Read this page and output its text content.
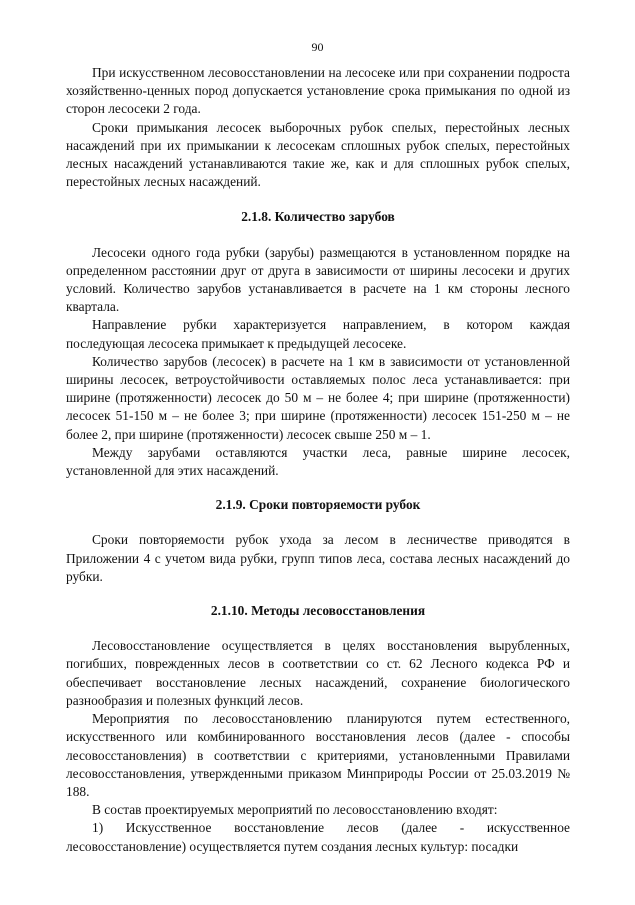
90

При искусственном лесовосстановлении на лесосеке или при сохранении подроста хозяйственно-ценных пород допускается установление срока примыкания по одной из сторон лесосеки 2 года.

Сроки примыкания лесосек выборочных рубок спелых, перестойных лесных насаждений при их примыкании к лесосекам сплошных рубок спелых, перестойных лесных насаждений устанавливаются такие же, как и для сплошных рубок спелых, перестойных лесных насаждений.

2.1.8. Количество зарубов

Лесосеки одного года рубки (зарубы) размещаются в установленном порядке на определенном расстоянии друг от друга в зависимости от ширины лесосеки и других условий. Количество зарубов устанавливается в расчете на 1 км стороны лесного квартала.

Направление рубки характеризуется направлением, в котором каждая последующая лесосека примыкает к предыдущей лесосеке.

Количество зарубов (лесосек) в расчете на 1 км в зависимости от установленной ширины лесосек, ветроустойчивости оставляемых полос леса устанавливается: при ширине (протяженности) лесосек до 50 м – не более 4; при ширине (протяженности) лесосек 51-150 м – не более 3; при ширине (протяженности) лесосек 151-250 м – не более 2, при ширине (протяженности) лесосек свыше 250 м – 1.

Между зарубами оставляются участки леса, равные ширине лесосек, установленной для этих насаждений.

2.1.9. Сроки повторяемости рубок

Сроки повторяемости рубок ухода за лесом в лесничестве приводятся в Приложении 4 с учетом вида рубки, групп типов леса, состава лесных насаждений до рубки.

2.1.10. Методы лесовосстановления

Лесовосстановление осуществляется в целях восстановления вырубленных, погибших, поврежденных лесов в соответствии со ст. 62 Лесного кодекса РФ и обеспечивает восстановление лесных насаждений, сохранение биологического разнообразия и полезных функций лесов.

Мероприятия по лесовосстановлению планируются путем естественного, искусственного или комбинированного восстановления лесов (далее - способы лесовосстановления) в соответствии с критериями, установленными Правилами лесовосстановления, утвержденными приказом Минприроды России от 25.03.2019 № 188.

В состав проектируемых мероприятий по лесовосстановлению входят:

1) Искусственное восстановление лесов (далее - искусственное лесовосстановление) осуществляется путем создания лесных культур: посадки
